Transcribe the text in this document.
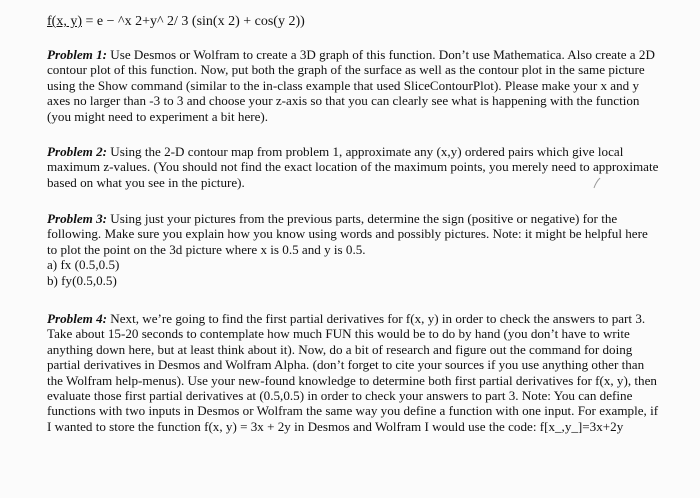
f(x, y) = e − ^x 2+y^ 2/ 3 (sin(x 2) + cos(y 2))

Problem 1: Use Desmos or Wolfram to create a 3D graph of this function. Don’t use Mathematica. Also create a 2D contour plot of this function. Now, put both the graph of the surface as well as the contour plot in the same picture using the Show command (similar to the in-class example that used SliceContourPlot). Please make your x and y axes no larger than -3 to 3 and choose your z-axis so that you can clearly see what is happening with the function (you might need to experiment a bit here).

Problem 2: Using the 2-D contour map from problem 1, approximate any (x,y) ordered pairs which give local maximum z-values. (You should not find the exact location of the maximum points, you merely need to approximate based on what you see in the picture).

Problem 3: Using just your pictures from the previous parts, determine the sign (positive or negative) for the following. Make sure you explain how you know using words and possibly pictures. Note: it might be helpful here to plot the point on the 3d picture where x is 0.5 and y is 0.5.
a) fx (0.5,0.5)
b) fy(0.5,0.5)

Problem 4: Next, we’re going to find the first partial derivatives for f(x, y) in order to check the answers to part 3. Take about 15-20 seconds to contemplate how much FUN this would be to do by hand (you don’t have to write anything down here, but at least think about it). Now, do a bit of research and figure out the command for doing partial derivatives in Desmos and Wolfram Alpha. (don’t forget to cite your sources if you use anything other than the Wolfram help-menus). Use your new-found knowledge to determine both first partial derivatives for f(x, y), then evaluate those first partial derivatives at (0.5,0.5) in order to check your answers to part 3. Note: You can define functions with two inputs in Desmos or Wolfram the same way you define a function with one input. For example, if I wanted to store the function f(x, y) = 3x + 2y in Desmos and Wolfram I would use the code: f[x_,y_]=3x+2y
